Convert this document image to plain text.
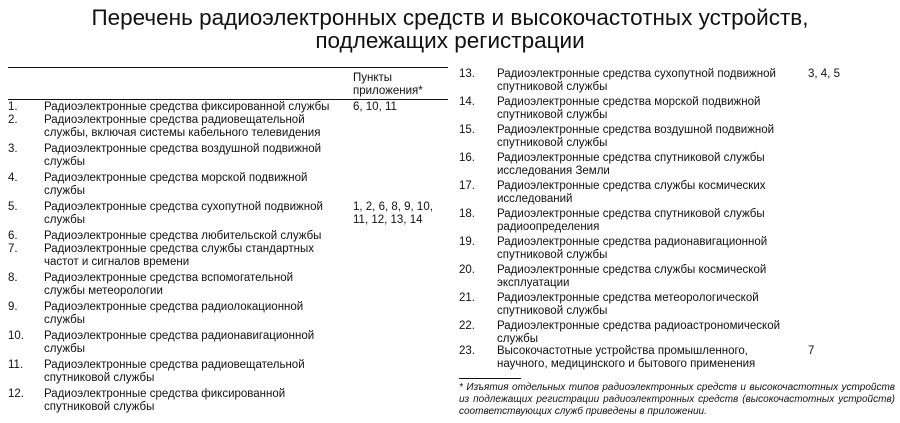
Перечень радиоэлектронных средств и высокочастотных устройств,
подлежащих регистрации
Пункты
приложения*
1. Радиоэлектронные средства фиксированной службы	6, 10, 11
2. Радиоэлектронные средства радиовещательной
службы, включая системы кабельного телевидения
3. Радиоэлектронные средства воздушной подвижной
службы
4. Радиоэлектронные средства морской подвижной
службы
5. Радиоэлектронные средства сухопутной подвижной
службы
1, 2, 6, 8, 9, 10,
11, 12, 13, 14
6. Радиоэлектронные средства любительской службы
7. Радиоэлектронные средства службы стандартных
частот и сигналов времени
8. Радиоэлектронные средства вспомогательной
службы метеорологии
9. Радиоэлектронные средства радиолокационной
службы
10. Радиоэлектронные средства радионавигационной
службы
11. Радиоэлектронные средства радиовещательной
спутниковой службы
12. Радиоэлектронные средства фиксированной
спутниковой службы
13. Радиоэлектронные средства сухопутной подвижной
спутниковой службы
3, 4, 5
14. Радиоэлектронные средства морской подвижной
спутниковой службы
15. Радиоэлектронные средства воздушной подвижной
спутниковой службы
16. Радиоэлектронные средства спутниковой службы
исследования Земли
17. Радиоэлектронные средства службы космических
исследований
18. Радиоэлектронные средства спутниковой службы
радиоопределения
19. Радиоэлектронные средства радионавигационной
спутниковой службы
20. Радиоэлектронные средства службы космической
эксплуатации
21. Радиоэлектронные средства метеорологической
спутниковой службы
22. Радиоэлектронные средства радиоастрономической
службы
23. Высокочастотные устройства промышленного,
научного, медицинского и бытового применения
7
* Изъятия отдельных типов радиоэлектронных средств и высокочастотных устройств из подлежащих регистрации радиоэлектронных средств (высокочастотных устройств) соответствующих служб приведены в приложении.
